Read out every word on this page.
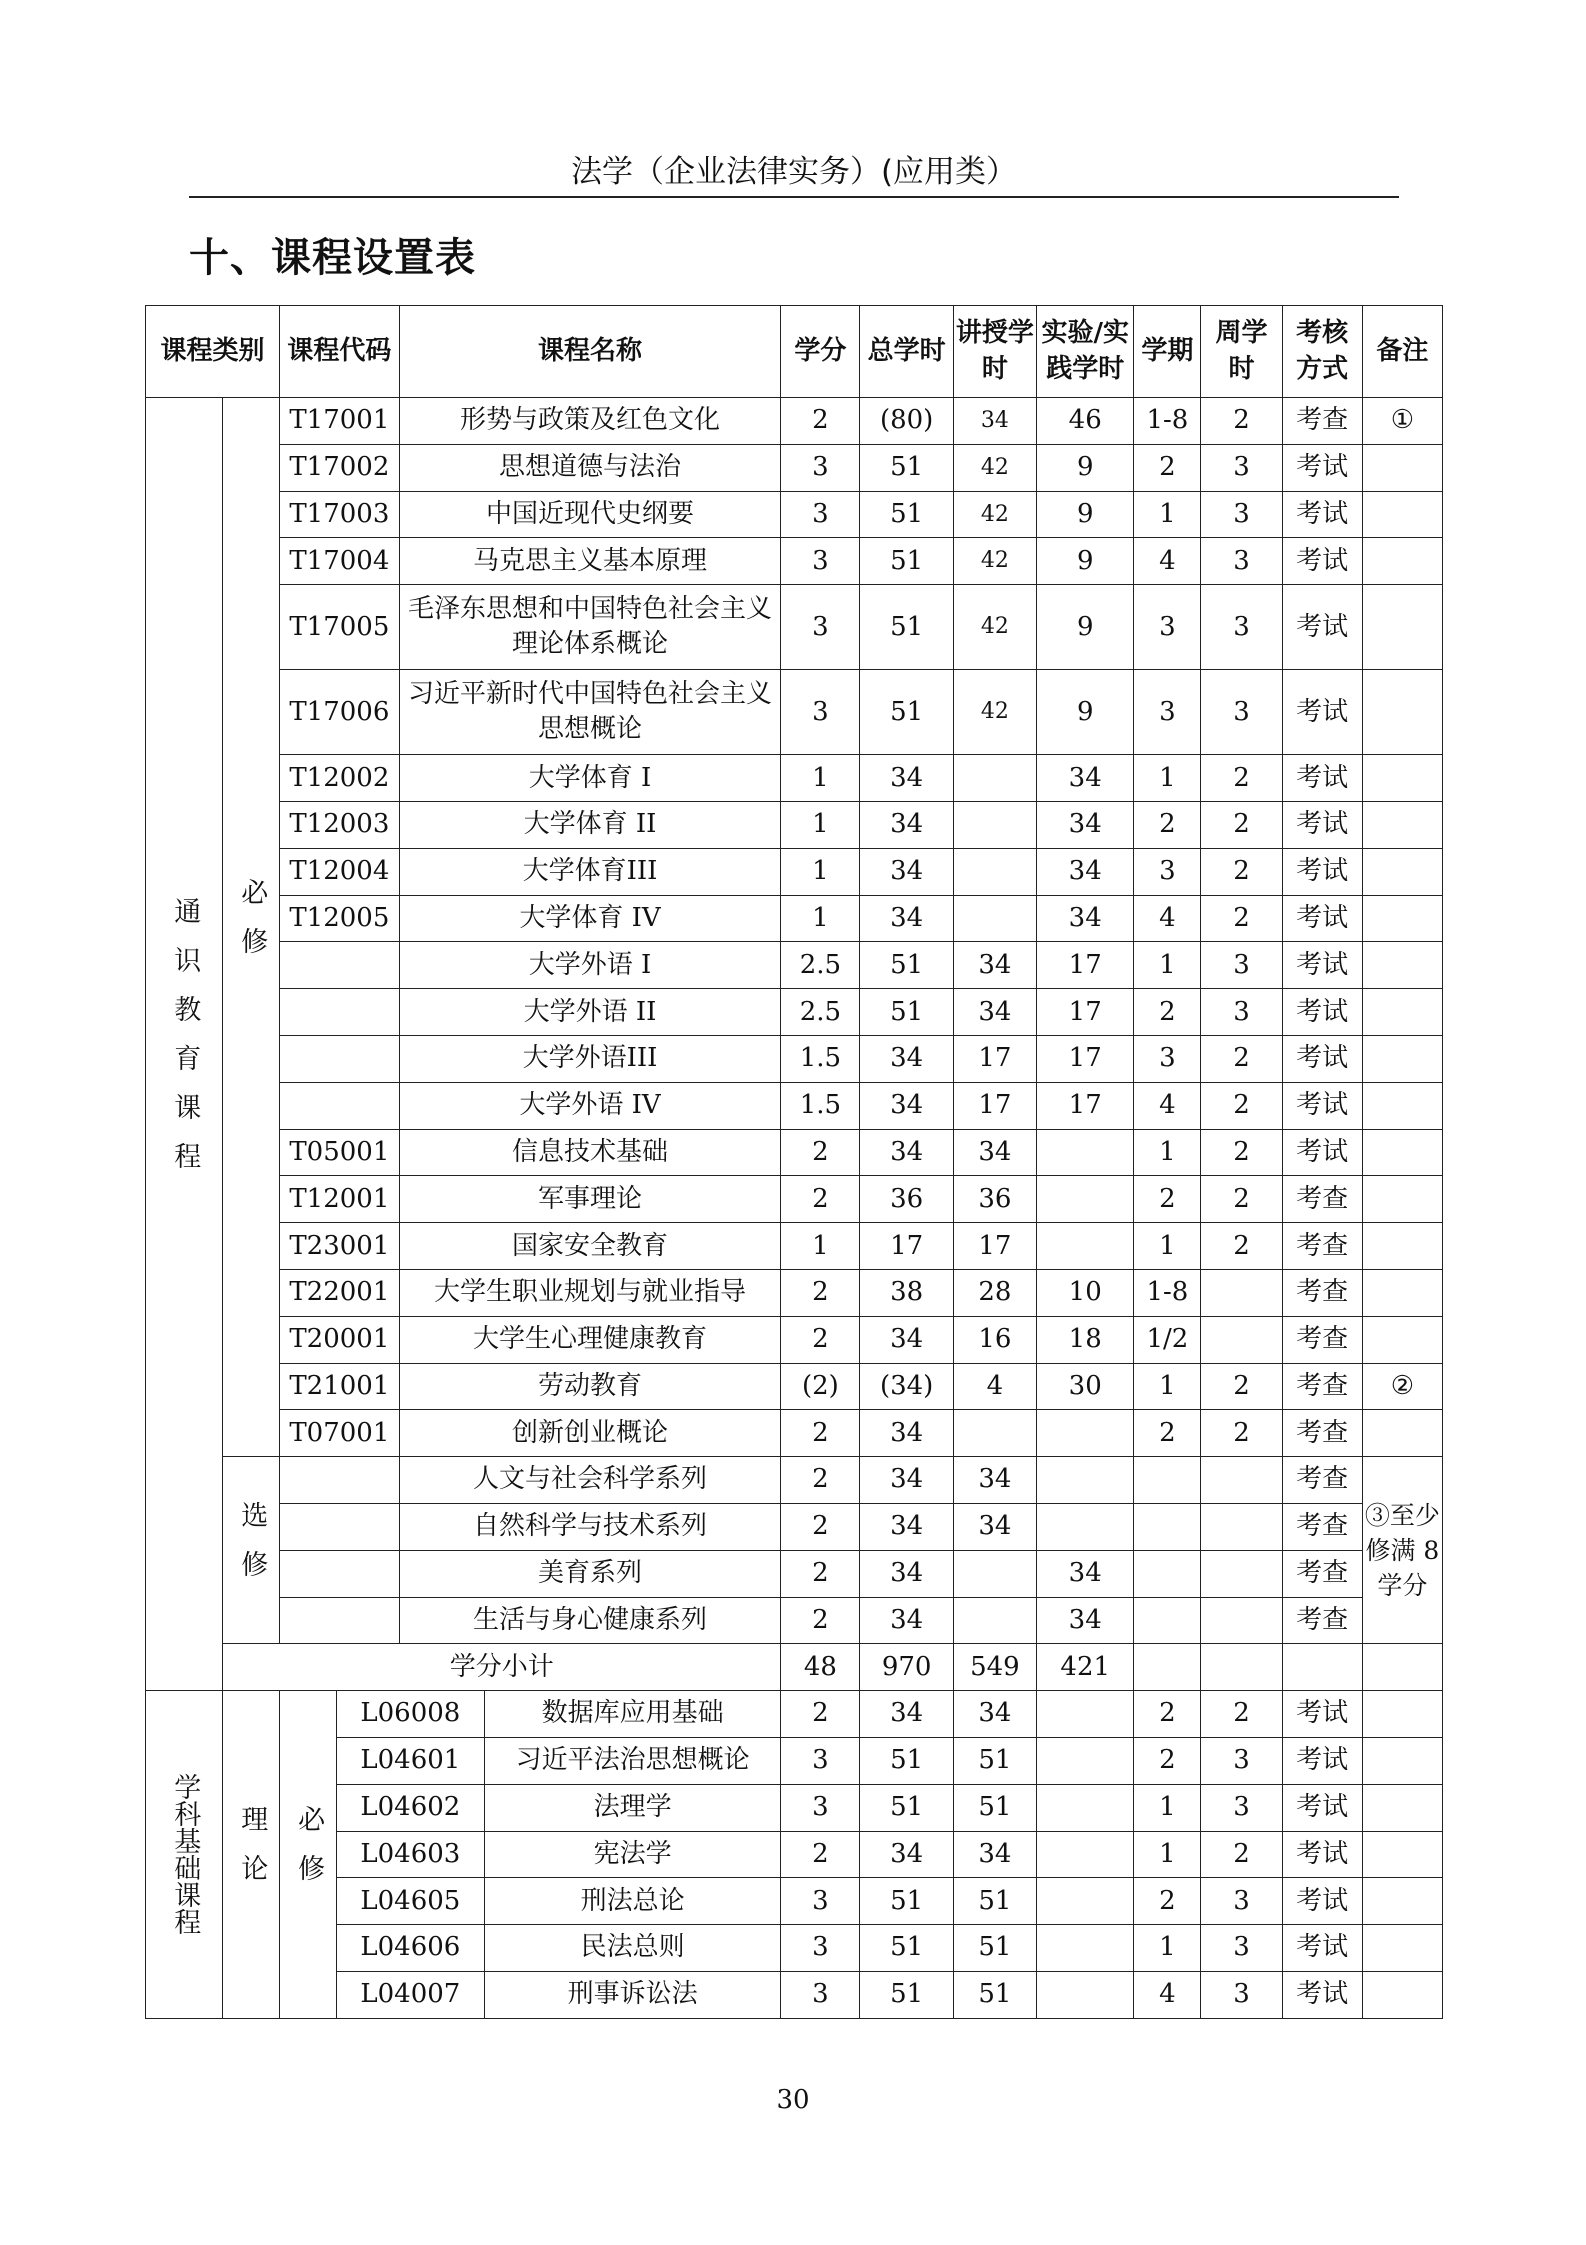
法学（企业法律实务）(应用类）
十、课程设置表
课程类别		课程代码		课程名称		学分	总学时	讲授学时	实验/实践学时	学期	周学时	考核方式	备注

通识教育课程	必修	T17001		形势与政策及红色文化		2	(80)	34	46	1-8	2	考查	①
		T17002		思想道德与法治		3	51	42	9	2	3	考试	
		T17003		中国近现代史纲要		3	51	42	9	1	3	考试	
		T17004		马克思主义基本原理		3	51	42	9	4	3	考试	
		T17005		毛泽东思想和中国特色社会主义理论体系概论		3	51	42	9	3	3	考试	
		T17006		习近平新时代中国特色社会主义思想概论		3	51	42	9	3	3	考试	
		T12002		大学体育 I		1	34		34	1	2	考试	
		T12003		大学体育 II		1	34		34	2	2	考试	
		T12004		大学体育III		1	34		34	3	2	考试	
		T12005		大学体育 IV		1	34		34	4	2	考试	
				大学外语 I		2.5	51	34	17	1	3	考试	
				大学外语 II		2.5	51	34	17	2	3	考试	
				大学外语III		1.5	34	17	17	3	2	考试	
				大学外语 IV		1.5	34	17	17	4	2	考试	
		T05001		信息技术基础		2	34	34		1	2	考试	
		T12001		军事理论		2	36	36		2	2	考查	
		T23001		国家安全教育		1	17	17		1	2	考查	
		T22001		大学生职业规划与就业指导		2	38	28	10	1-8		考查	
		T20001		大学生心理健康教育		2	34	16	18	1/2		考查	
		T21001		劳动教育		(2)	(34)	4	30	1	2	考查	②
		T07001		创新创业概论		2	34			2	2	考查	

	选修			人文与社会科学系列		2	34	34				考查	③至少修满 8 学分

				自然科学与技术系列		2	34	34				考查	
				美育系列		2	34		34			考查	
				生活与身心健康系列		2	34		34			考查	
	学分小计					48	970	549	421				

学科基础课程	理论	必修	L06008		数据库应用基础	2	34	34		2	2	考试	
			L04601		习近平法治思想概论	3	51	51		2	3	考试	
			L04602		法理学	3	51	51		1	3	考试	
			L04603		宪法学	2	34	34		1	2	考试	
			L04605		刑法总论	3	51	51		2	3	考试	
			L04606		民法总则	3	51	51		1	3	考试	
			L04007		刑事诉讼法	3	51	51		4	3	考试	
30
